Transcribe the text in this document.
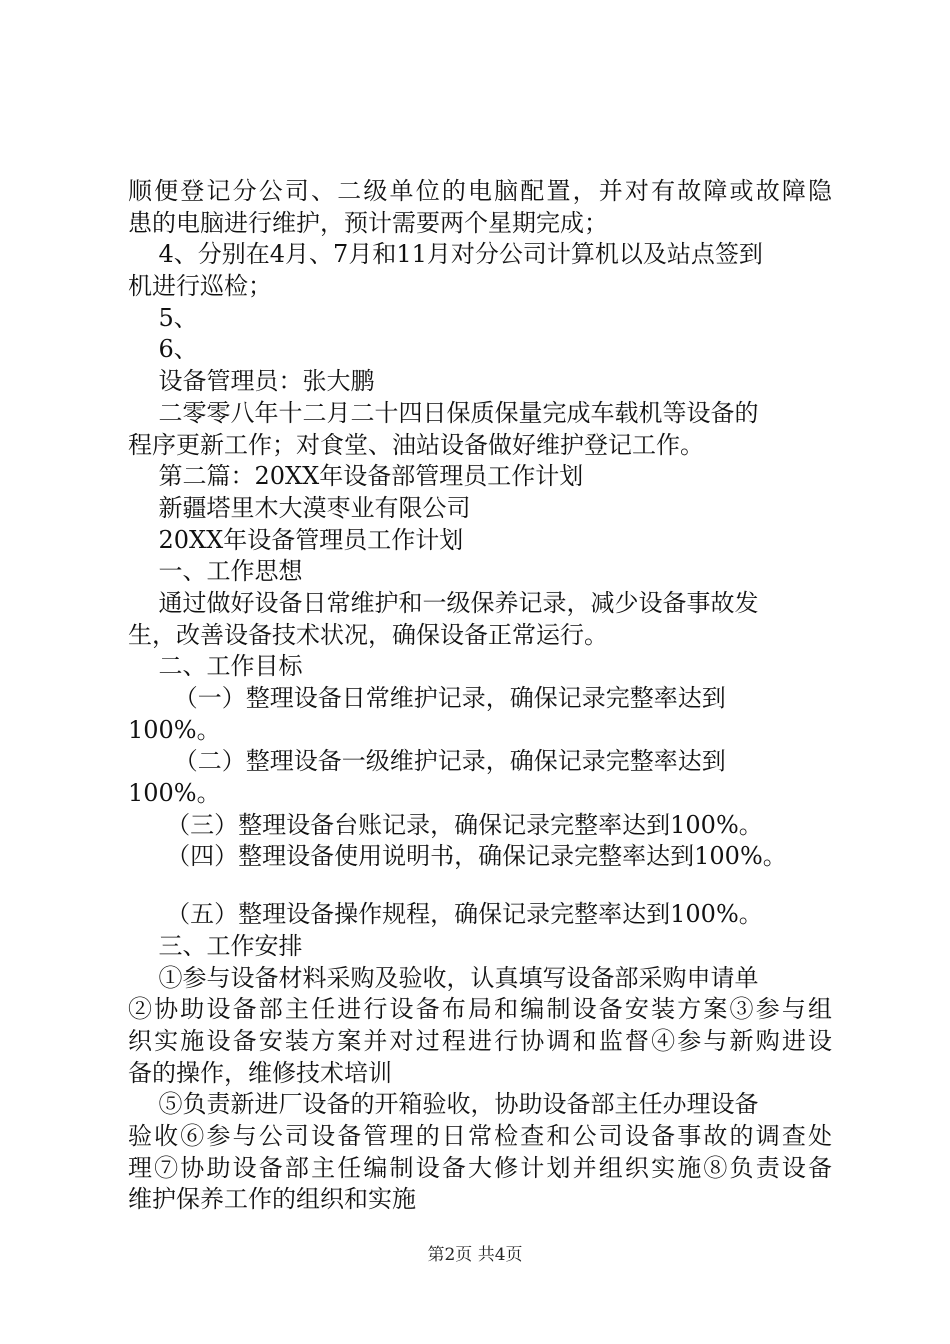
顺便登记分公司、二级单位的电脑配置，并对有故障或故障隐
患的电脑进行维护，预计需要两个星期完成；
4、分别在4月、7月和11月对分公司计算机以及站点签到
机进行巡检；
5、
6、
设备管理员：张大鹏
二零零八年十二月二十四日保质保量完成车载机等设备的
程序更新工作；对食堂、油站设备做好维护登记工作。
第二篇：20XX年设备部管理员工作计划
新疆塔里木大漠枣业有限公司
20XX年设备管理员工作计划
一、工作思想
通过做好设备日常维护和一级保养记录，减少设备事故发
生，改善设备技术状况，确保设备正常运行。
二、工作目标
（一）整理设备日常维护记录，确保记录完整率达到
100%。
（二）整理设备一级维护记录，确保记录完整率达到
100%。
（三）整理设备台账记录，确保记录完整率达到100%。
（四）整理设备使用说明书，确保记录完整率达到100%。
（五）整理设备操作规程，确保记录完整率达到100%。
三、工作安排
①参与设备材料采购及验收，认真填写设备部采购申请单
②协助设备部主任进行设备布局和编制设备安装方案③参与组
织实施设备安装方案并对过程进行协调和监督④参与新购进设
备的操作，维修技术培训
⑤负责新进厂设备的开箱验收，协助设备部主任办理设备
验收⑥参与公司设备管理的日常检查和公司设备事故的调查处
理⑦协助设备部主任编制设备大修计划并组织实施⑧负责设备
维护保养工作的组织和实施
第2页 共4页
